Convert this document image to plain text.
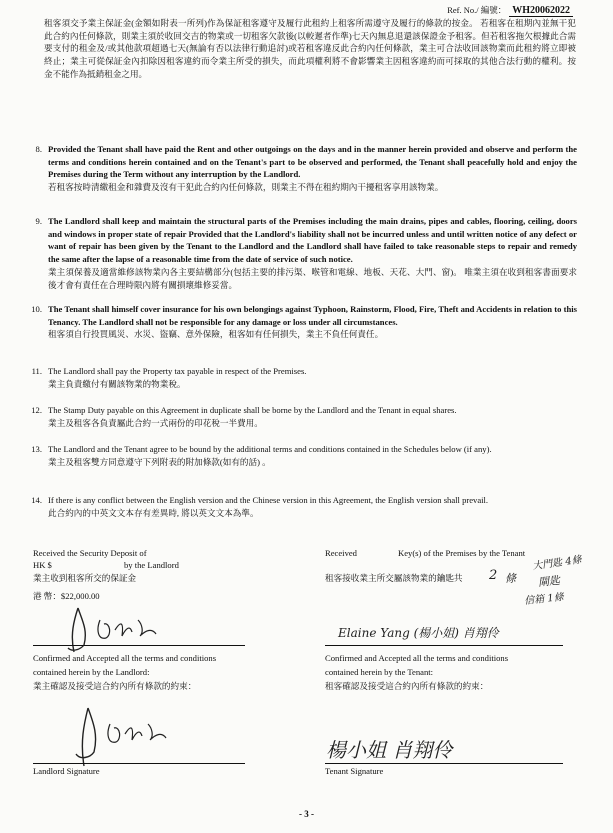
Ref. No./ 編號： WH20062022
租客須交予業主保証金(金額如附表一所列)作為保証租客遵守及履行此租約上租客所需遵守及履行的條款的按金。 若租客在租期內並無干犯此合約內任何條款，則業主須於收回交吉的物業或一切租客欠款後(以較遲者作準)七天內無息退還該保證金予租客。但若租客拖欠根據此合需要支付的租金及/或其他款項超過七天(無論有否以法律行動追討)或若租客違反此合約內任何條款，業主可合法收回該物業而此租約將立即被終止；業主可從保証金內扣除因租客違約而令業主所受的損失，而此項權利將不會影響業主因租客違約而可採取的其他合法行動的權利。按金不能作為抵銷租金之用。
8. Provided the Tenant shall have paid the Rent and other outgoings on the days and in the manner herein provided and observe and perform the terms and conditions herein contained and on the Tenant's part to be observed and performed, the Tenant shall peacefully hold and enjoy the Premises during the Term without any interruption by the Landlord.
若租客按時清繳租金和雜費及沒有干犯此合約內任何條款，則業主不得在租約期內干擾租客享用該物業。
9. The Landlord shall keep and maintain the structural parts of the Premises including the main drains, pipes and cables, flooring, ceiling, doors and windows in proper state of repair Provided that the Landlord's liability shall not be incurred unless and until written notice of any defect or want of repair has been given by the Tenant to the Landlord and the Landlord shall have failed to take reasonable steps to repair and remedy the same after the lapse of a reasonable time from the date of service of such notice.
業主須保養及適當維修該物業內各主要結構部分(包括主要的排污渠、喉管和電線、地板、天花、大門、窗)。 唯業主須在收到租客書面要求後才會有責任在合理時限內將有關損壞維修妥當。
10. The Tenant shall himself cover insurance for his own belongings against Typhoon, Rainstorm, Flood, Fire, Theft and Accidents in relation to this Tenancy. The Landlord shall not be responsible for any damage or loss under all circumstances.
租客須自行投買風災、水災、盜竊、意外保險，租客如有任何損失，業主不負任何責任。
11. The Landlord shall pay the Property tax payable in respect of the Premises.
業主負責繳付有關該物業的物業稅。
12. The Stamp Duty payable on this Agreement in duplicate shall be borne by the Landlord and the Tenant in equal shares.
業主及租客各負責屬此合約一式兩份的印花稅一半費用。
13. The Landlord and the Tenant agree to be bound by the additional terms and conditions contained in the Schedules below (if any).
業主及租客雙方同意遵守下列附表的附加條款(如有的話) 。
14. If there is any conflict between the English version and the Chinese version in this Agreement, the English version shall prevail.
此合約內的中英文文本存有差異時, 將以英文文本為準。
Received the Security Deposit of
HK $	by the Landlord
業主收到租客所交的保証金
港 幣：$22,000.00
Received	Key(s) of the Premises by the Tenant
租客接收業主所交屬該物業的鑰匙共 2 條
大門匙 4條
閘匙
信箱 1條
Confirmed and Accepted all the terms and conditions
contained herein by the Landlord:
業主確認及接受這合約內所有條款的約束：
Elaine Yang (楊小姐) 肖翔伶
Confirmed and Accepted all the terms and conditions
contained herein by the Tenant:
租客確認及接受這合約內所有條款的約束：
Landlord Signature
楊小姐 肖翔伶
Tenant Signature
- 3 -
